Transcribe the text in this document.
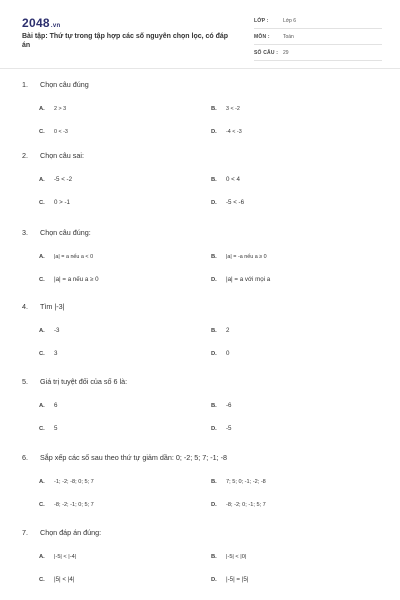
2048.vn
Bài tập: Thứ tự trong tập hợp các số nguyên chọn lọc, có đáp án
LỚP :	Lớp 6
MÔN :	Toán
SỐ CÂU : 29
1. Chọn câu đúng
A. 2 > 3	B. 3 < -2
C. 0 < -3	D. -4 < -3
2. Chọn câu sai:
A. -5 < -2	B. 0 < 4
C. 0 > -1	D. -5 < -6
3. Chọn câu đúng:
A. |a| = a nếu a < 0	B. |a| = -a nếu a ≥ 0
C. |a| = a nếu a ≥ 0	D. |a| = a với mọi a
4. Tìm |-3|
A. -3	B. 2
C. 3	D. 0
5. Giá trị tuyệt đối của số 6 là:
A. 6	B. -6
C. 5	D. -5
6. Sắp xếp các số sau theo thứ tự giảm dần: 0; -2; 5; 7; -1; -8
A. -1; -2; -8; 0; 5; 7	B. 7; 5; 0; -1; -2; -8
C. -8; -2; -1; 0; 5; 7	D. -8; -2; 0; -1; 5; 7
7. Chọn đáp án đúng:
A. |-5| < |-4|	B. |-5| < |0|
C. |5| < |4|	D. |-5| = |5|
